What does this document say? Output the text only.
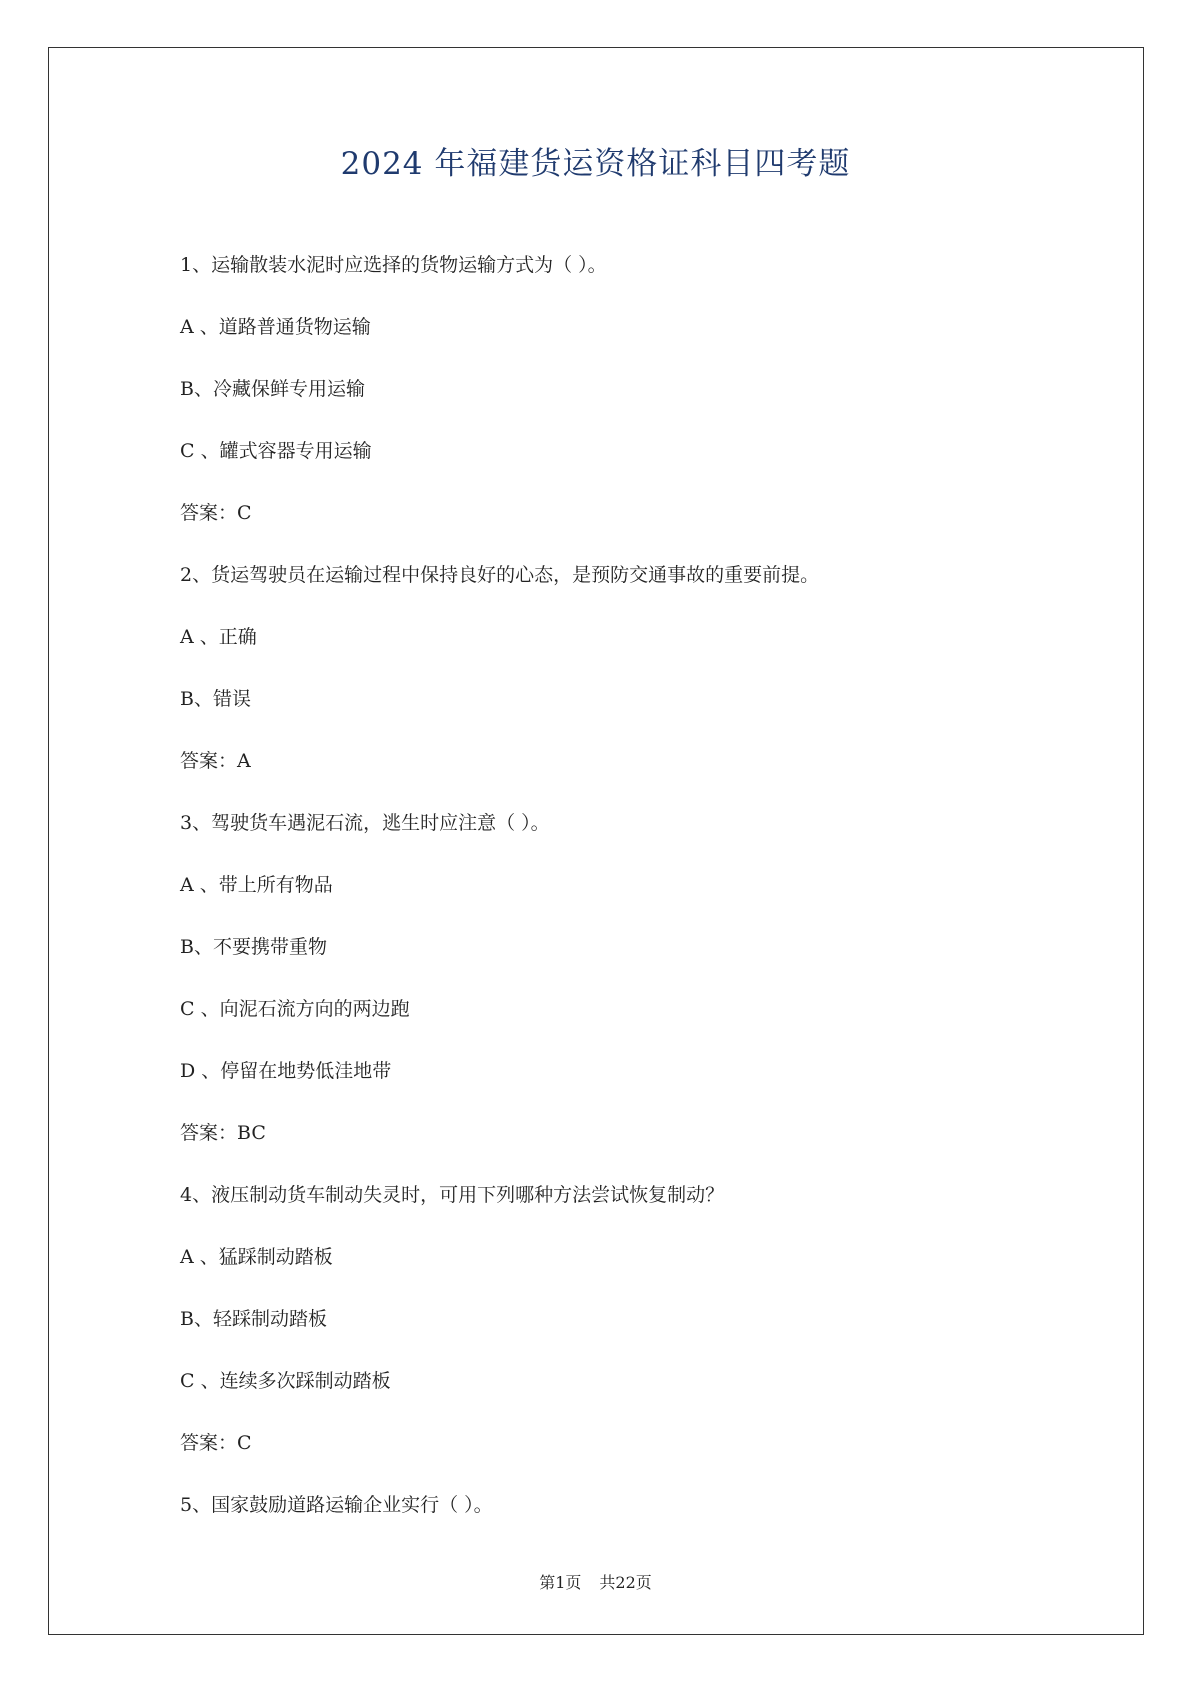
2024 年福建货运资格证科目四考题
1、运输散装水泥时应选择的货物运输方式为（ ）。
A 、道路普通货物运输
B、冷藏保鲜专用运输
C 、罐式容器专用运输
答案：C
2、货运驾驶员在运输过程中保持良好的心态，是预防交通事故的重要前提。
A 、正确
B、错误
答案：A
3、驾驶货车遇泥石流，逃生时应注意（ ）。
A 、带上所有物品
B、不要携带重物
C 、向泥石流方向的两边跑
D 、停留在地势低洼地带
答案：BC
4、液压制动货车制动失灵时，可用下列哪种方法尝试恢复制动？
A 、猛踩制动踏板
B、轻踩制动踏板
C 、连续多次踩制动踏板
答案：C
5、国家鼓励道路运输企业实行（ ）。
第1页 共22页
